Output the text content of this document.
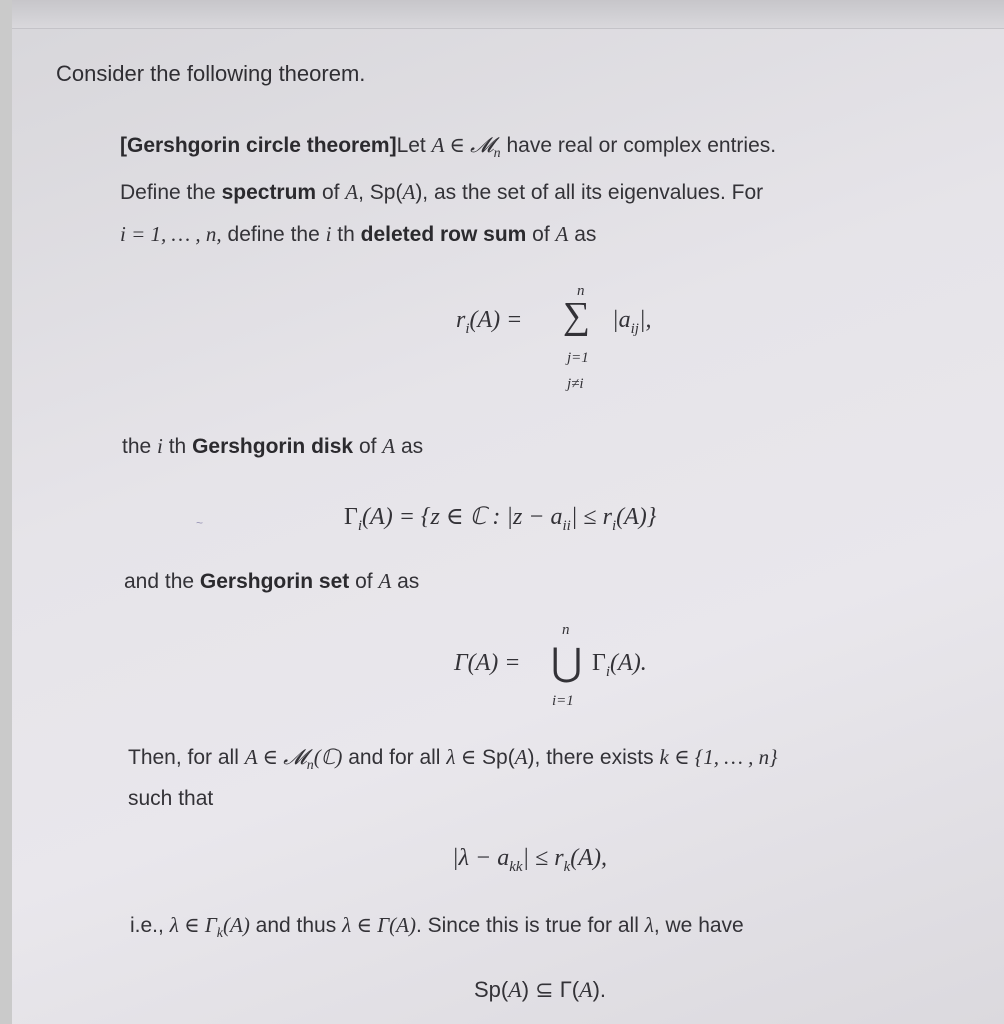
Consider the following theorem.
[Gershgorin circle theorem]Let A ∈ 𝓜$_n$ have real or complex entries.
Define the spectrum of A, Sp(A), as the set of all its eigenvalues. For
i = 1, … , n, define the i th deleted row sum of A as
$r_i(A)$ =
n
∑ $|a_{ij}|$,
j=1
j≠i
the i th Gershgorin disk of A as
$\Gamma_i(A) = \{z$ ∈ ℂ : $|z - a_{ii}| \le r_i(A)$}
and the Gershgorin set of A as
Γ(A) =
n
⋃ $\Gamma_i(A)$.
i=1
Then, for all A ∈ 𝓜$_n$(ℂ) and for all λ ∈ Sp(A), there exists k ∈ {1, … , n}
such that
$|\lambda - a_{kk}| \le r_k(A)$,
i.e., λ ∈ $\Gamma_k(A)$ and thus λ ∈ Γ(A). Since this is true for all λ, we have
Sp(A) ⊆ Γ(A).
~
